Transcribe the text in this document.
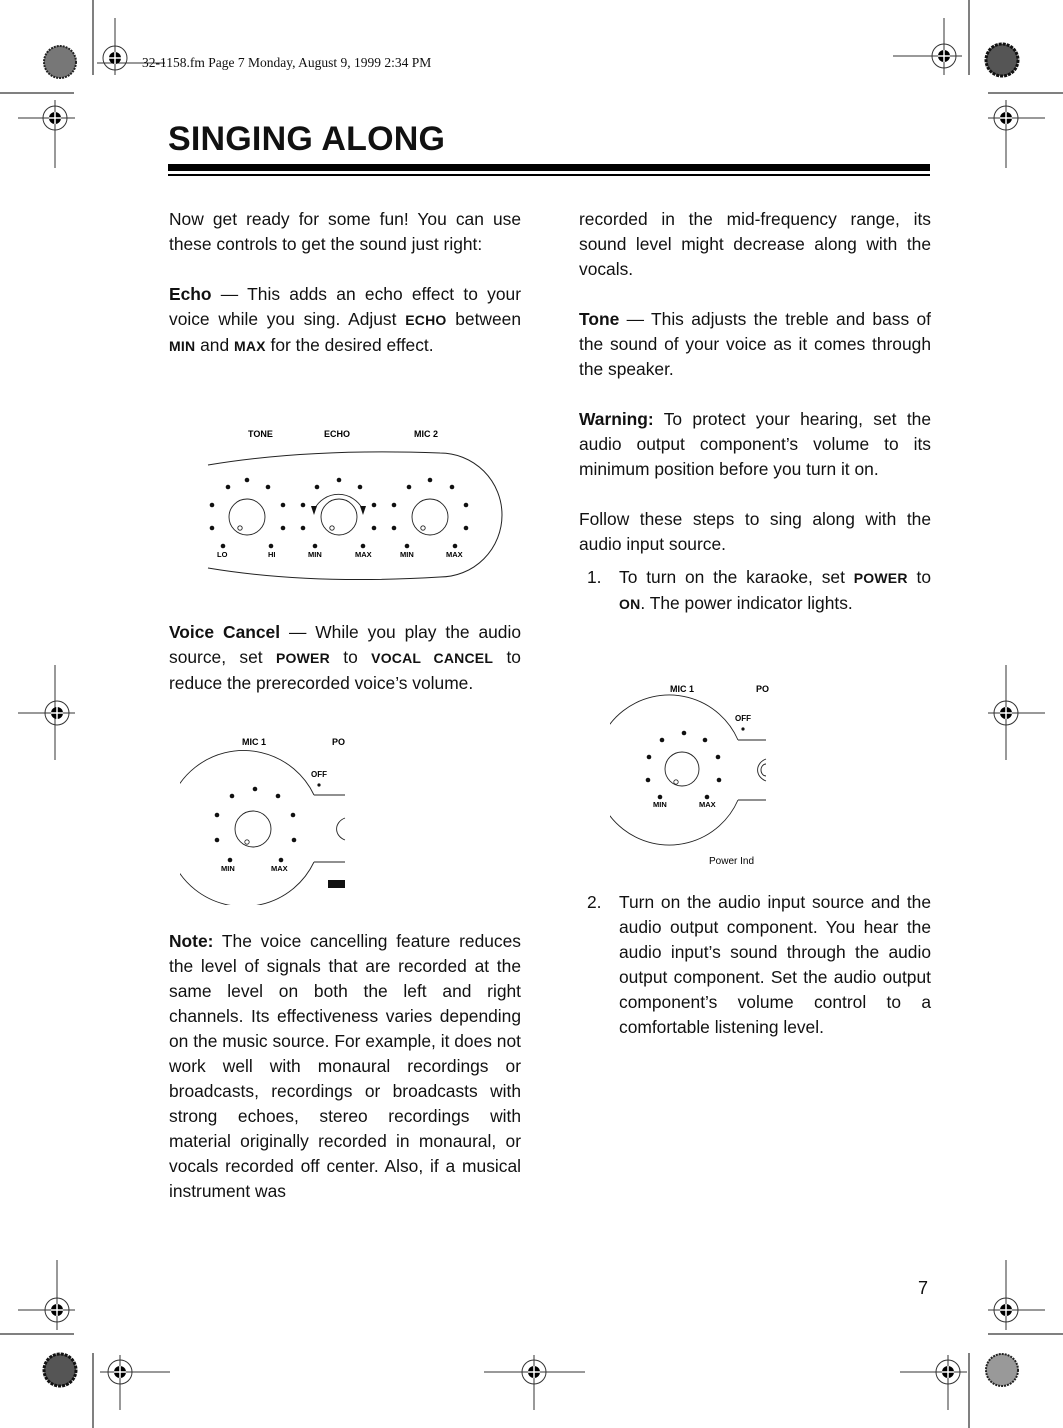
32-1158.fm Page 7 Monday, August 9, 1999 2:34 PM
SINGING ALONG

Now get ready for some fun! You can use these controls to get the sound just right:

Echo — This adds an echo effect to your voice while you sing. Adjust ECHO between MIN and MAX for the desired effect.

TONE	ECHO	MIC 2
LO	HI	MIN	MAX	MIN	MAX

Voice Cancel — While you play the audio source, set POWER to VOCAL CANCEL to reduce the prerecorded voice’s volume.

MIC 1	PO
OFF
MIN	MAX

Note: The voice cancelling feature reduces the level of signals that are recorded at the same level on both the left and right channels. Its effectiveness varies depending on the music source. For example, it does not work well with monaural recordings or broadcasts, recordings or broadcasts with strong echoes, stereo recordings with material originally recorded in monaural, or vocals recorded off center. Also, if a musical instrument was

recorded in the mid-frequency range, its sound level might decrease along with the vocals.

Tone — This adjusts the treble and bass of the sound of your voice as it comes through the speaker.

Warning: To protect your hearing, set the audio output component’s volume to its minimum position before you turn it on.

Follow these steps to sing along with the audio input source.

1. To turn on the karaoke, set POWER to ON. The power indicator lights.
MIC 1	PO
OFF
MIN	MAX
Power Ind
2. Turn on the audio input source and the audio output component. You hear the audio input’s sound through the audio output component. Set the audio output component’s volume control to a comfortable listening level.
7
